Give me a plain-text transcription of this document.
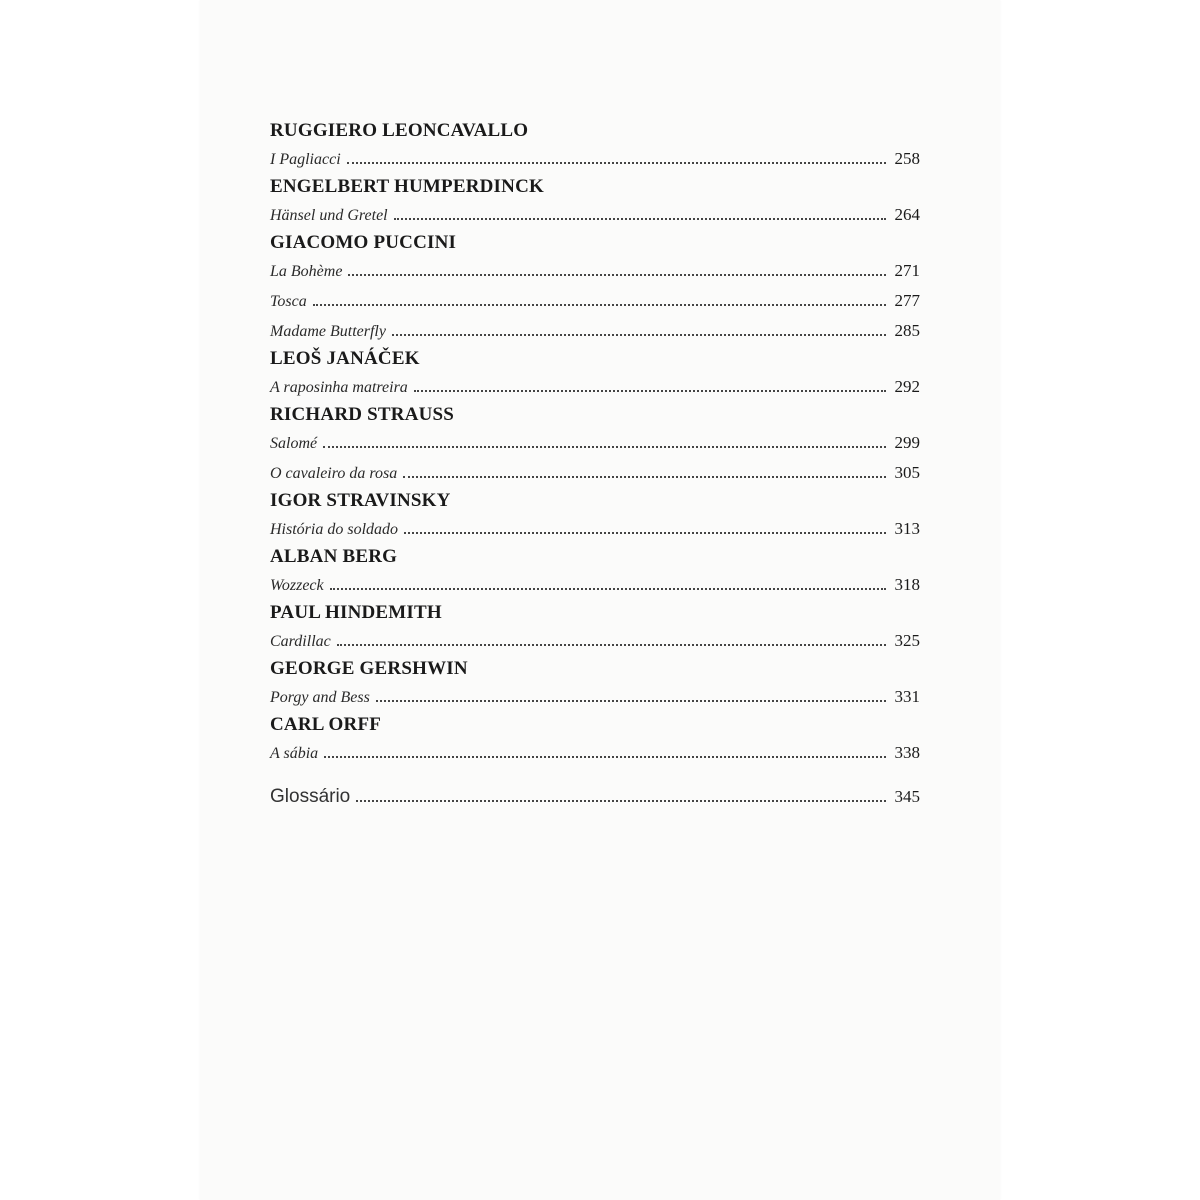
RUGGIERO LEONCAVALLO
I Pagliacci	258
ENGELBERT HUMPERDINCK
Hänsel und Gretel	264
GIACOMO PUCCINI
La Bohème	271
Tosca	277
Madame Butterfly	285
LEOŠ JANÁČEK
A raposinha matreira	292
RICHARD STRAUSS
Salomé	299
O cavaleiro da rosa	305
IGOR STRAVINSKY
História do soldado	313
ALBAN BERG
Wozzeck	318
PAUL HINDEMITH
Cardillac	325
GEORGE GERSHWIN
Porgy and Bess	331
CARL ORFF
A sábia	338
Glossário	345
